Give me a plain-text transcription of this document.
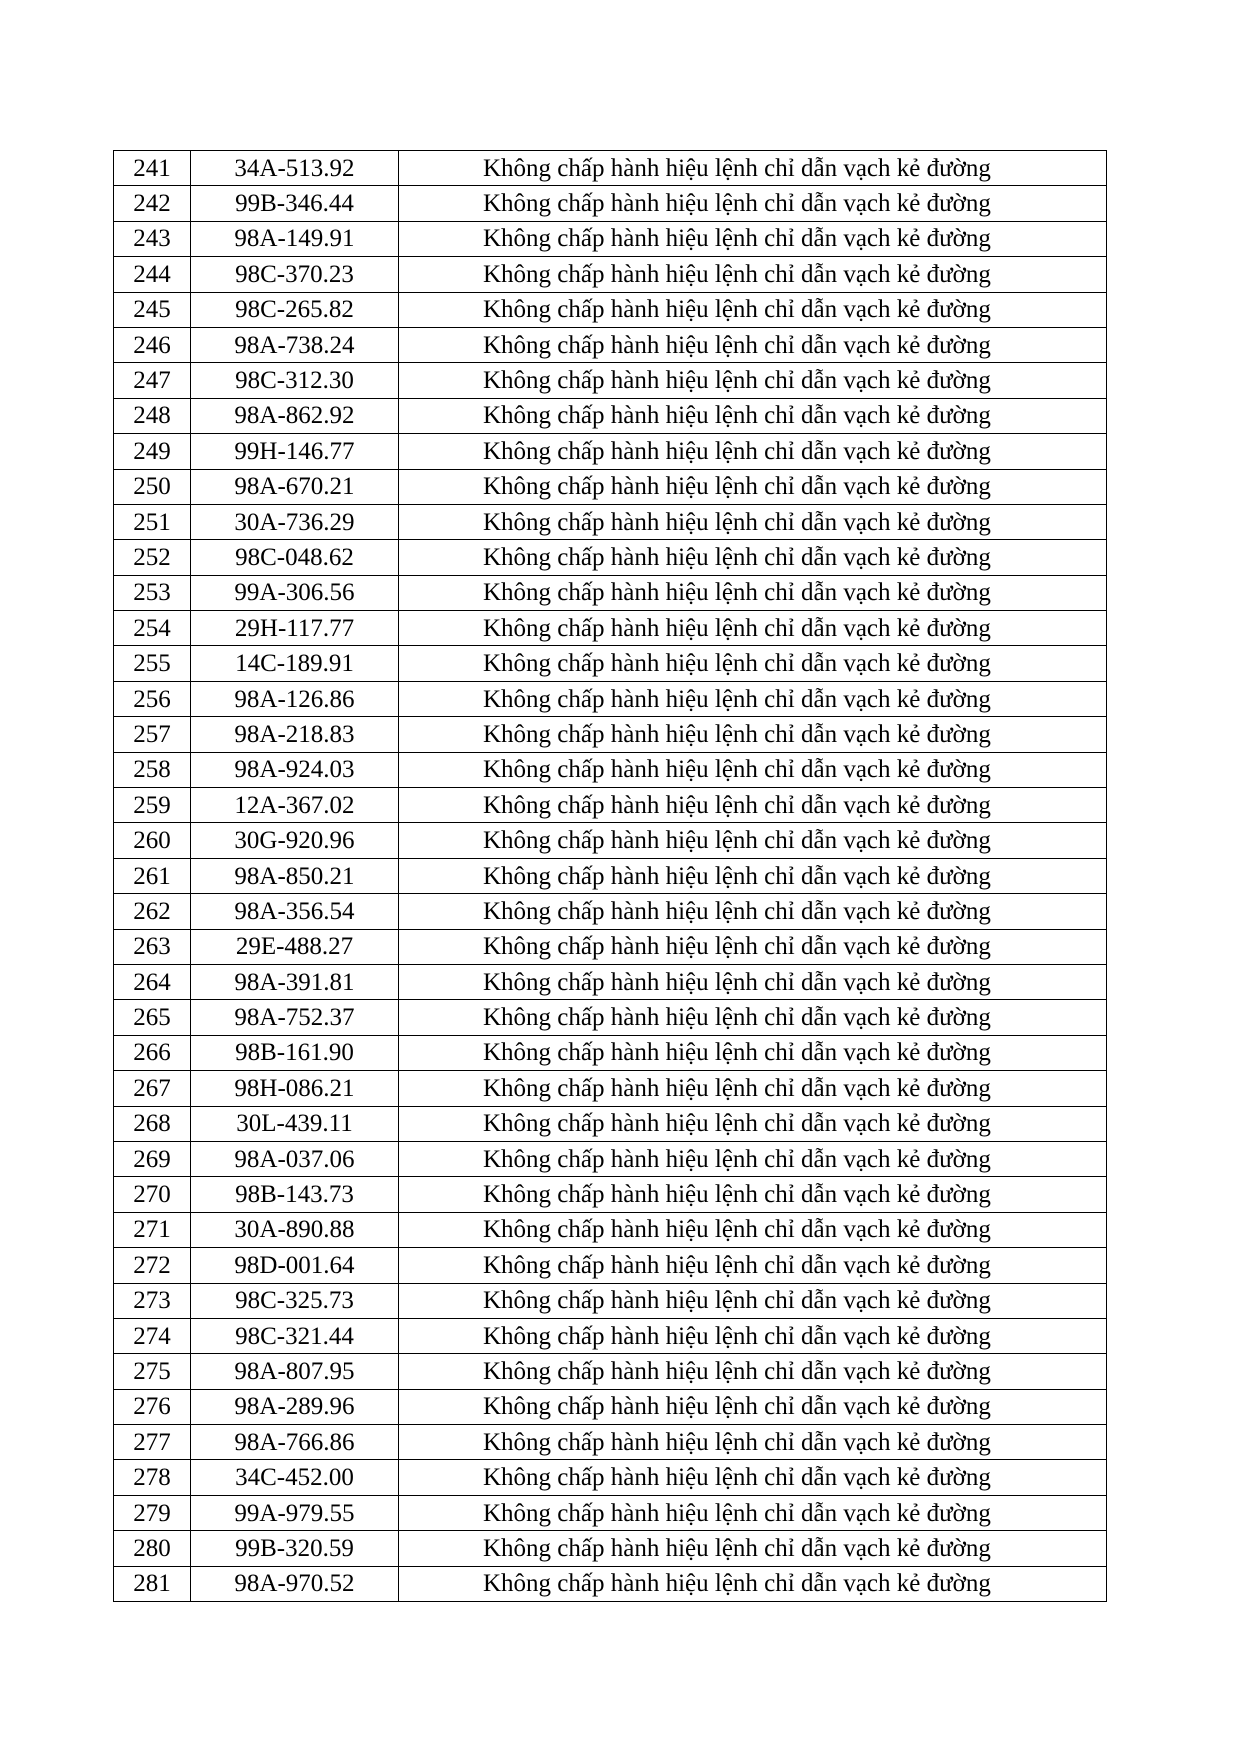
241	34A-513.92	Không chấp hành hiệu lệnh chỉ dẫn vạch kẻ đường
242	99B-346.44	Không chấp hành hiệu lệnh chỉ dẫn vạch kẻ đường
243	98A-149.91	Không chấp hành hiệu lệnh chỉ dẫn vạch kẻ đường
244	98C-370.23	Không chấp hành hiệu lệnh chỉ dẫn vạch kẻ đường
245	98C-265.82	Không chấp hành hiệu lệnh chỉ dẫn vạch kẻ đường
246	98A-738.24	Không chấp hành hiệu lệnh chỉ dẫn vạch kẻ đường
247	98C-312.30	Không chấp hành hiệu lệnh chỉ dẫn vạch kẻ đường
248	98A-862.92	Không chấp hành hiệu lệnh chỉ dẫn vạch kẻ đường
249	99H-146.77	Không chấp hành hiệu lệnh chỉ dẫn vạch kẻ đường
250	98A-670.21	Không chấp hành hiệu lệnh chỉ dẫn vạch kẻ đường
251	30A-736.29	Không chấp hành hiệu lệnh chỉ dẫn vạch kẻ đường
252	98C-048.62	Không chấp hành hiệu lệnh chỉ dẫn vạch kẻ đường
253	99A-306.56	Không chấp hành hiệu lệnh chỉ dẫn vạch kẻ đường
254	29H-117.77	Không chấp hành hiệu lệnh chỉ dẫn vạch kẻ đường
255	14C-189.91	Không chấp hành hiệu lệnh chỉ dẫn vạch kẻ đường
256	98A-126.86	Không chấp hành hiệu lệnh chỉ dẫn vạch kẻ đường
257	98A-218.83	Không chấp hành hiệu lệnh chỉ dẫn vạch kẻ đường
258	98A-924.03	Không chấp hành hiệu lệnh chỉ dẫn vạch kẻ đường
259	12A-367.02	Không chấp hành hiệu lệnh chỉ dẫn vạch kẻ đường
260	30G-920.96	Không chấp hành hiệu lệnh chỉ dẫn vạch kẻ đường
261	98A-850.21	Không chấp hành hiệu lệnh chỉ dẫn vạch kẻ đường
262	98A-356.54	Không chấp hành hiệu lệnh chỉ dẫn vạch kẻ đường
263	29E-488.27	Không chấp hành hiệu lệnh chỉ dẫn vạch kẻ đường
264	98A-391.81	Không chấp hành hiệu lệnh chỉ dẫn vạch kẻ đường
265	98A-752.37	Không chấp hành hiệu lệnh chỉ dẫn vạch kẻ đường
266	98B-161.90	Không chấp hành hiệu lệnh chỉ dẫn vạch kẻ đường
267	98H-086.21	Không chấp hành hiệu lệnh chỉ dẫn vạch kẻ đường
268	30L-439.11	Không chấp hành hiệu lệnh chỉ dẫn vạch kẻ đường
269	98A-037.06	Không chấp hành hiệu lệnh chỉ dẫn vạch kẻ đường
270	98B-143.73	Không chấp hành hiệu lệnh chỉ dẫn vạch kẻ đường
271	30A-890.88	Không chấp hành hiệu lệnh chỉ dẫn vạch kẻ đường
272	98D-001.64	Không chấp hành hiệu lệnh chỉ dẫn vạch kẻ đường
273	98C-325.73	Không chấp hành hiệu lệnh chỉ dẫn vạch kẻ đường
274	98C-321.44	Không chấp hành hiệu lệnh chỉ dẫn vạch kẻ đường
275	98A-807.95	Không chấp hành hiệu lệnh chỉ dẫn vạch kẻ đường
276	98A-289.96	Không chấp hành hiệu lệnh chỉ dẫn vạch kẻ đường
277	98A-766.86	Không chấp hành hiệu lệnh chỉ dẫn vạch kẻ đường
278	34C-452.00	Không chấp hành hiệu lệnh chỉ dẫn vạch kẻ đường
279	99A-979.55	Không chấp hành hiệu lệnh chỉ dẫn vạch kẻ đường
280	99B-320.59	Không chấp hành hiệu lệnh chỉ dẫn vạch kẻ đường
281	98A-970.52	Không chấp hành hiệu lệnh chỉ dẫn vạch kẻ đường
